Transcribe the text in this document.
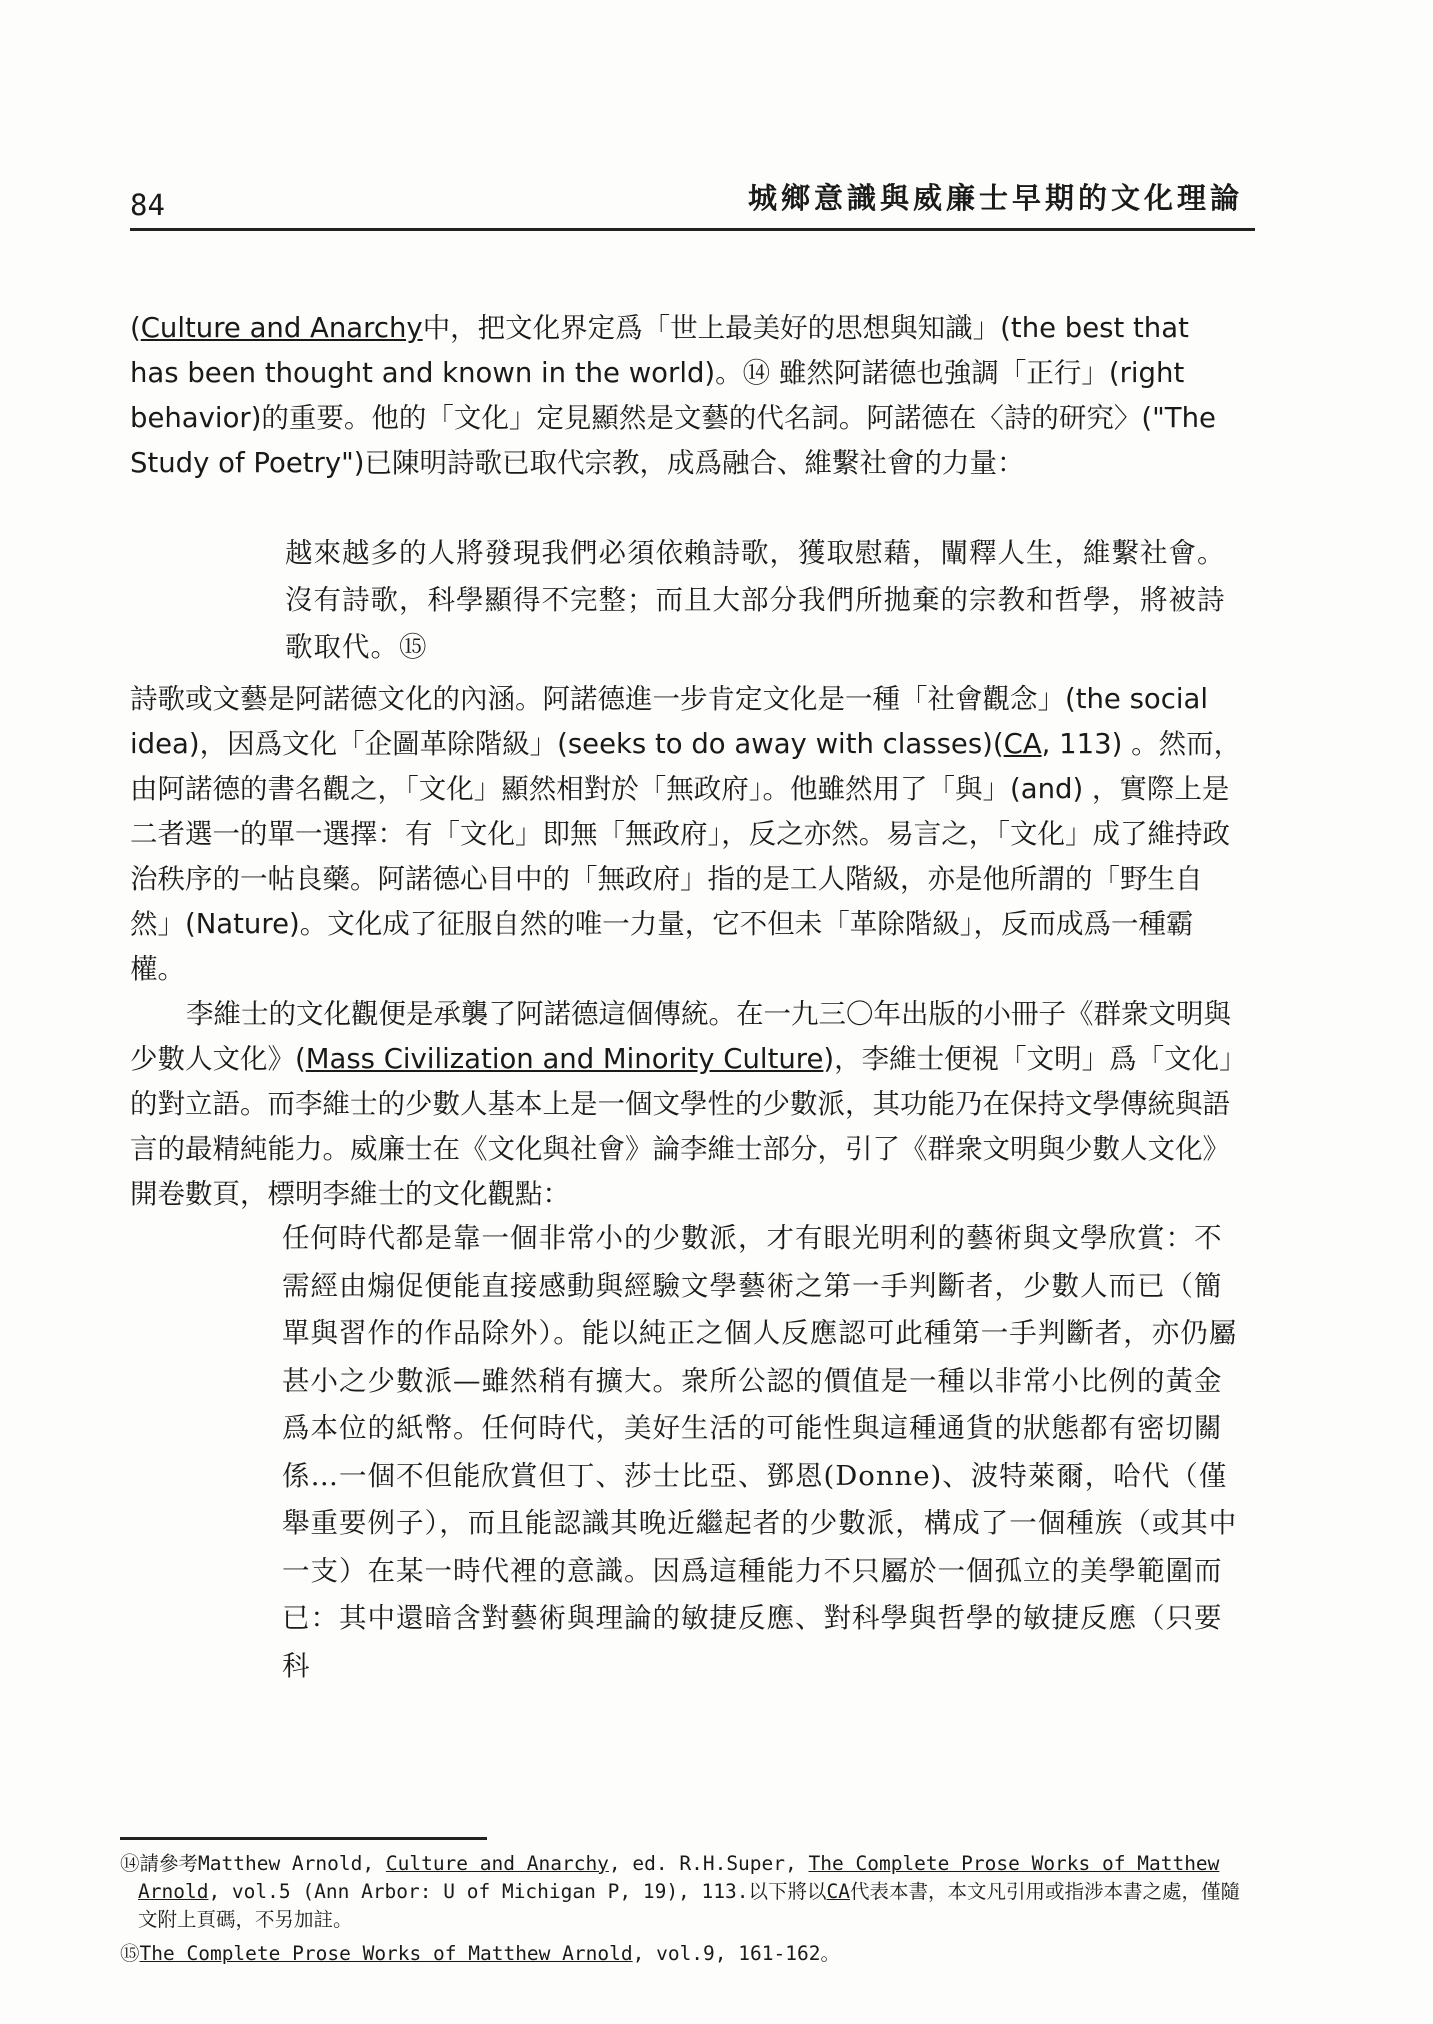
84	城鄉意識與威廉士早期的文化理論

(Culture and Anarchy中，把文化界定爲「世上最美好的思想與知識」(the best that has been thought and known in the world)。⑭ 雖然阿諾德也強調「正行」(right behavior)的重要。他的「文化」定見顯然是文藝的代名詞。阿諾德在〈詩的研究〉("The Study of Poetry")已陳明詩歌已取代宗教，成爲融合、維繫社會的力量：

越來越多的人將發現我們必須依賴詩歌，獲取慰藉，闡釋人生，維繫社會。沒有詩歌，科學顯得不完整；而且大部分我們所拋棄的宗教和哲學，將被詩歌取代。⑮

詩歌或文藝是阿諾德文化的內涵。阿諾德進一步肯定文化是一種「社會觀念」(the social idea)，因爲文化「企圖革除階級」(seeks to do away with classes)(CA, 113) 。然而，由阿諾德的書名觀之，「文化」顯然相對於「無政府」。他雖然用了「與」(and) ，實際上是二者選一的單一選擇：有「文化」即無「無政府」，反之亦然。易言之，「文化」成了維持政治秩序的一帖良藥。阿諾德心目中的「無政府」指的是工人階級，亦是他所謂的「野生自然」(Nature)。文化成了征服自然的唯一力量，它不但未「革除階級」，反而成爲一種霸權。

李維士的文化觀便是承襲了阿諾德這個傳統。在一九三〇年出版的小冊子《群衆文明與少數人文化》(Mass Civilization and Minority Culture)，李維士便視「文明」爲「文化」的對立語。而李維士的少數人基本上是一個文學性的少數派，其功能乃在保持文學傳統與語言的最精純能力。威廉士在《文化與社會》論李維士部分，引了《群衆文明與少數人文化》開卷數頁，標明李維士的文化觀點：

任何時代都是靠一個非常小的少數派，才有眼光明利的藝術與文學欣賞：不需經由煽促便能直接感動與經驗文學藝術之第一手判斷者，少數人而已（簡單與習作的作品除外）。能以純正之個人反應認可此種第一手判斷者，亦仍屬甚小之少數派—雖然稍有擴大。衆所公認的價值是一種以非常小比例的黃金爲本位的紙幣。任何時代，美好生活的可能性與這種通貨的狀態都有密切關係…一個不但能欣賞但丁、莎士比亞、鄧恩(Donne)、波特萊爾，哈代（僅舉重要例子），而且能認識其晚近繼起者的少數派，構成了一個種族（或其中一支）在某一時代裡的意識。因爲這種能力不只屬於一個孤立的美學範圍而已：其中還暗含對藝術與理論的敏捷反應、對科學與哲學的敏捷反應（只要科

⑭請參考Matthew Arnold, Culture and Anarchy, ed. R.H.Super, The Complete Prose Works of Matthew Arnold, vol.5 (Ann Arbor: U of Michigan P, 19), 113.以下將以CA代表本書，本文凡引用或指涉本書之處，僅隨文附上頁碼，不另加註。

⑮The Complete Prose Works of Matthew Arnold, vol.9, 161-162。
